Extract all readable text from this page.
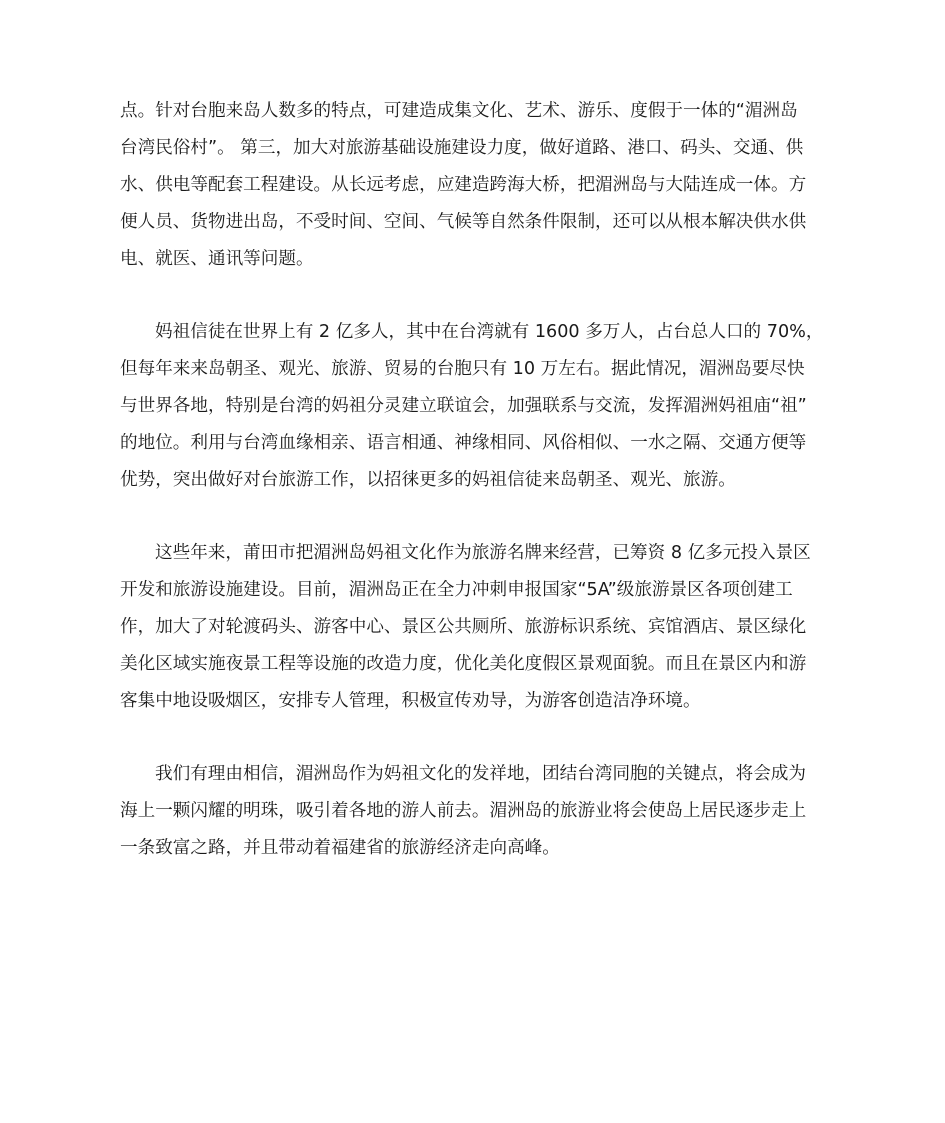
点。针对台胞来岛人数多的特点，可建造成集文化、艺术、游乐、度假于一体的“湄洲岛
台湾民俗村”。 第三，加大对旅游基础设施建设力度，做好道路、港口、码头、交通、供
水、供电等配套工程建设。从长远考虑，应建造跨海大桥，把湄洲岛与大陆连成一体。方
便人员、货物进出岛，不受时间、空间、气候等自然条件限制，还可以从根本解决供水供
电、就医、通讯等问题。
妈祖信徒在世界上有 2 亿多人，其中在台湾就有 1600 多万人，占台总人口的 70%，
但每年来来岛朝圣、观光、旅游、贸易的台胞只有 10 万左右。据此情况，湄洲岛要尽快
与世界各地，特别是台湾的妈祖分灵建立联谊会，加强联系与交流，发挥湄洲妈祖庙“祖”
的地位。利用与台湾血缘相亲、语言相通、神缘相同、风俗相似、一水之隔、交通方便等
优势，突出做好对台旅游工作，以招徕更多的妈祖信徒来岛朝圣、观光、旅游。
这些年来，莆田市把湄洲岛妈祖文化作为旅游名牌来经营，已筹资 8 亿多元投入景区
开发和旅游设施建设。目前，湄洲岛正在全力冲刺申报国家“5A”级旅游景区各项创建工
作，加大了对轮渡码头、游客中心、景区公共厕所、旅游标识系统、宾馆酒店、景区绿化
美化区域实施夜景工程等设施的改造力度，优化美化度假区景观面貌。而且在景区内和游
客集中地设吸烟区，安排专人管理，积极宣传劝导，为游客创造洁净环境。
我们有理由相信，湄洲岛作为妈祖文化的发祥地，团结台湾同胞的关键点，将会成为
海上一颗闪耀的明珠，吸引着各地的游人前去。湄洲岛的旅游业将会使岛上居民逐步走上
一条致富之路，并且带动着福建省的旅游经济走向高峰。
